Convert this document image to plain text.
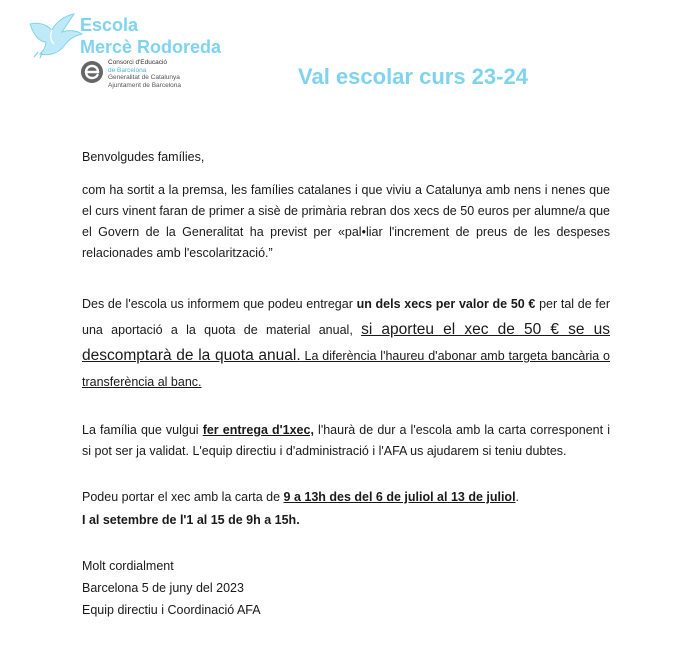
Escola
Mercè Rodoreda
Consorci d'Educació
de Barcelona
Generalitat de Catalunya
Ajuntament de Barcelona	Val escolar curs 23-24
Benvolgudes famílies,

com ha sortit a la premsa, les famílies catalanes i que viviu a Catalunya amb nens i nenes que el curs vinent faran de primer a sisè de primària rebran dos xecs de 50 euros per alumne/a que el Govern de la Generalitat ha previst per «pal•liar l'increment de preus de les despeses relacionades amb l'escolarització.”

Des de l'escola us informem que podeu entregar un dels xecs per valor de 50 € per tal de fer una aportació a la quota de material anual, si aporteu el xec de 50 € se us descomptarà de la quota anual. La diferència l'haureu d'abonar amb targeta bancària o transferència al banc.

La família que vulgui fer entrega d'1xec, l'haurà de dur a l'escola amb la carta corresponent i si pot ser ja validat. L'equip directiu i d'administració i l'AFA us ajudarem si teniu dubtes.

Podeu portar el xec amb la carta de 9 a 13h des del 6 de juliol al 13 de juliol.

I al setembre de l'1 al 15 de 9h a 15h.

Molt cordialment
Barcelona 5 de juny del 2023
Equip directiu i Coordinació AFA
